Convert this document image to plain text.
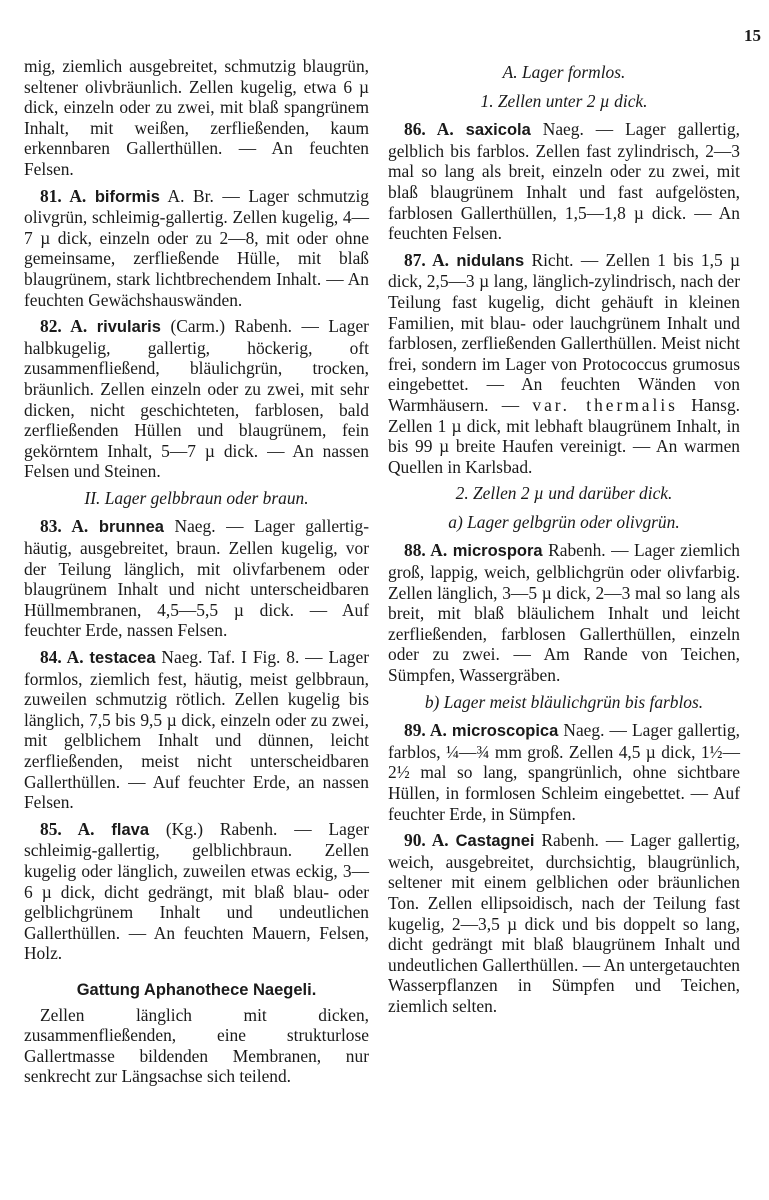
15

mig, ziemlich ausgebreitet, schmutzig blaugrün, seltener olivbräunlich. Zellen kugelig, etwa 6 µ dick, einzeln oder zu zwei, mit blaß spangrünem Inhalt, mit weißen, zerfließenden, kaum erkennbaren Gallerthüllen. — An feuchten Felsen.

81. A. biformis A. Br. — Lager schmutzig olivgrün, schleimig-gallertig. Zellen kugelig, 4—7 µ dick, einzeln oder zu 2—8, mit oder ohne gemeinsame, zerfließende Hülle, mit blaß blaugrünem, stark lichtbrechendem Inhalt. — An feuchten Gewächshauswänden.

82. A. rivularis (Carm.) Rabenh. — Lager halbkugelig, gallertig, höckerig, oft zusammenfließend, bläulichgrün, trocken, bräunlich. Zellen einzeln oder zu zwei, mit sehr dicken, nicht geschichteten, farblosen, bald zerfließenden Hüllen und blaugrünem, fein gekörntem Inhalt, 5—7 µ dick. — An nassen Felsen und Steinen.

II. Lager gelbbraun oder braun.

83. A. brunnea Naeg. — Lager gallertig-häutig, ausgebreitet, braun. Zellen kugelig, vor der Teilung länglich, mit olivfarbenem oder blaugrünem Inhalt und nicht unterscheidbaren Hüllmembranen, 4,5—5,5 µ dick. — Auf feuchter Erde, nassen Felsen.

84. A. testacea Naeg. Taf. I Fig. 8. — Lager formlos, ziemlich fest, häutig, meist gelbbraun, zuweilen schmutzig rötlich. Zellen kugelig bis länglich, 7,5 bis 9,5 µ dick, einzeln oder zu zwei, mit gelblichem Inhalt und dünnen, leicht zerfließenden, meist nicht unterscheidbaren Gallerthüllen. — Auf feuchter Erde, an nassen Felsen.

85. A. flava (Kg.) Rabenh. — Lager schleimig-gallertig, gelblichbraun. Zellen kugelig oder länglich, zuweilen etwas eckig, 3—6 µ dick, dicht gedrängt, mit blaß blau- oder gelblichgrünem Inhalt und undeutlichen Gallerthüllen. — An feuchten Mauern, Felsen, Holz.

Gattung Aphanothece Naegeli.

Zellen länglich mit dicken, zusammenfließenden, eine strukturlose Gallertmasse bildenden Membranen, nur senkrecht zur Längsachse sich teilend.

A. Lager formlos.

1. Zellen unter 2 µ dick.

86. A. saxicola Naeg. — Lager gallertig, gelblich bis farblos. Zellen fast zylindrisch, 2—3 mal so lang als breit, einzeln oder zu zwei, mit blaß blaugrünem Inhalt und fast aufgelösten, farblosen Gallerthüllen, 1,5—1,8 µ dick. — An feuchten Felsen.

87. A. nidulans Richt. — Zellen 1 bis 1,5 µ dick, 2,5—3 µ lang, länglich-zylindrisch, nach der Teilung fast kugelig, dicht gehäuft in kleinen Familien, mit blau- oder lauchgrünem Inhalt und farblosen, zerfließenden Gallerthüllen. Meist nicht frei, sondern im Lager von Protococcus grumosus eingebettet. — An feuchten Wänden von Warmhäusern. — var. thermalis Hansg. Zellen 1 µ dick, mit lebhaft blaugrünem Inhalt, in bis 99 µ breite Haufen vereinigt. — An warmen Quellen in Karlsbad.

2. Zellen 2 µ und darüber dick.

a) Lager gelbgrün oder olivgrün.

88. A. microspora Rabenh. — Lager ziemlich groß, lappig, weich, gelblichgrün oder olivfarbig. Zellen länglich, 3—5 µ dick, 2—3 mal so lang als breit, mit blaß bläulichem Inhalt und leicht zerfließenden, farblosen Gallerthüllen, einzeln oder zu zwei. — Am Rande von Teichen, Sümpfen, Wassergräben.

b) Lager meist bläulichgrün bis farblos.

89. A. microscopica Naeg. — Lager gallertig, farblos, ¼—¾ mm groß. Zellen 4,5 µ dick, 1½—2½ mal so lang, spangrünlich, ohne sichtbare Hüllen, in formlosen Schleim eingebettet. — Auf feuchter Erde, in Sümpfen.

90. A. Castagnei Rabenh. — Lager gallertig, weich, ausgebreitet, durchsichtig, blaugrünlich, seltener mit einem gelblichen oder bräunlichen Ton. Zellen ellipsoidisch, nach der Teilung fast kugelig, 2—3,5 µ dick und bis doppelt so lang, dicht gedrängt mit blaß blaugrünem Inhalt und undeutlichen Gallerthüllen. — An untergetauchten Wasserpflanzen in Sümpfen und Teichen, ziemlich selten.
